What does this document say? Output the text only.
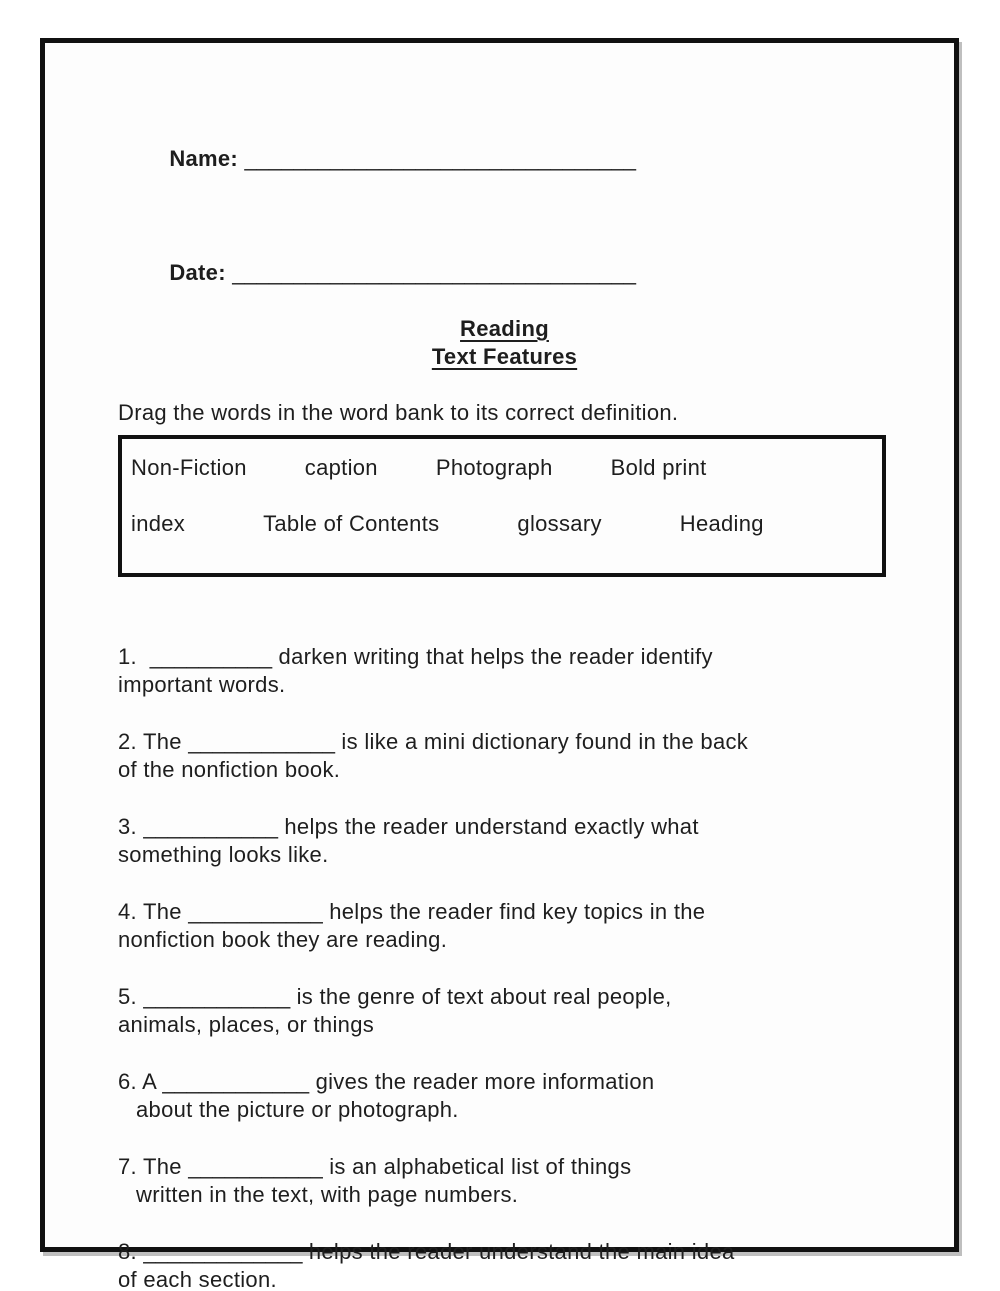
Name: ________________________________

Date: _________________________________

Reading
Text Features

Drag the words in the word bank to its correct definition.

Non-Fiction	caption	Photograph	Bold print
index	Table of Contents	glossary	Heading
1.  __________ darken writing that helps the reader identify
important words.
2. The ____________ is like a mini dictionary found in the back
of the nonfiction book.
3. ___________ helps the reader understand exactly what
something looks like.
4. The ___________ helps the reader find key topics in the
nonfiction book they are reading.
5. ____________ is the genre of text about real people,
animals, places, or things
6. A ____________ gives the reader more information
about the picture or photograph.
7. The ___________ is an alphabetical list of things
written in the text, with page numbers.
8. _____________ helps the reader understand the main idea
of each section.
